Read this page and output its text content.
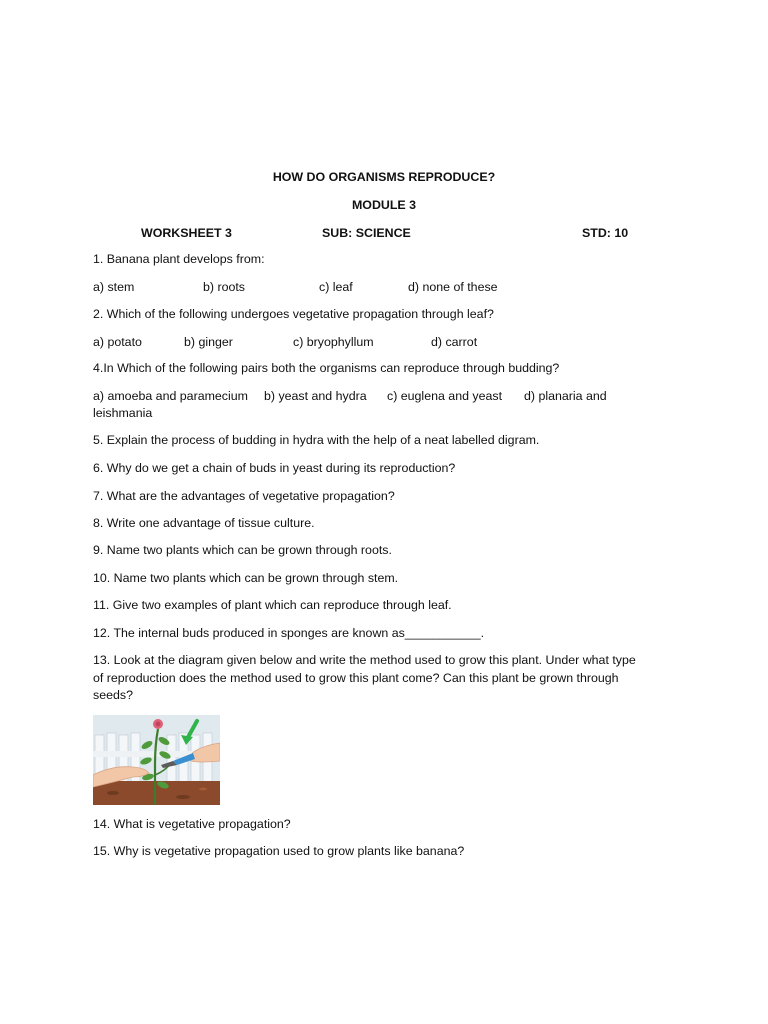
HOW DO ORGANISMS REPRODUCE?
MODULE 3
WORKSHEET 3	SUB: SCIENCE	STD: 10
1. Banana plant develops from:
a) stem	b) roots	c) leaf	d) none of these
2. Which of the following undergoes vegetative propagation through leaf?
a) potato	b) ginger	c) bryophyllum	d) carrot
4.In Which of the following pairs both the organisms can reproduce through budding?
a) amoeba and paramecium b) yeast and hydra c) euglena and yeast d) planaria and
leishmania
5. Explain the process of budding in hydra with the help of a neat labelled digram.
6. Why do we get a chain of buds in yeast during its reproduction?
7. What are the advantages of vegetative propagation?
8. Write one advantage of tissue culture.
9. Name two plants which can be grown through roots.
10. Name two plants which can be grown through stem.
11. Give two examples of plant which can reproduce through leaf.
12. The internal buds produced in sponges are known as___________.
13. Look at the diagram given below and write the method used to grow this plant. Under what type
of reproduction does the method used to grow this plant come? Can this plant be grown through
seeds?
14. What is vegetative propagation?
15. Why is vegetative propagation used to grow plants like banana?
